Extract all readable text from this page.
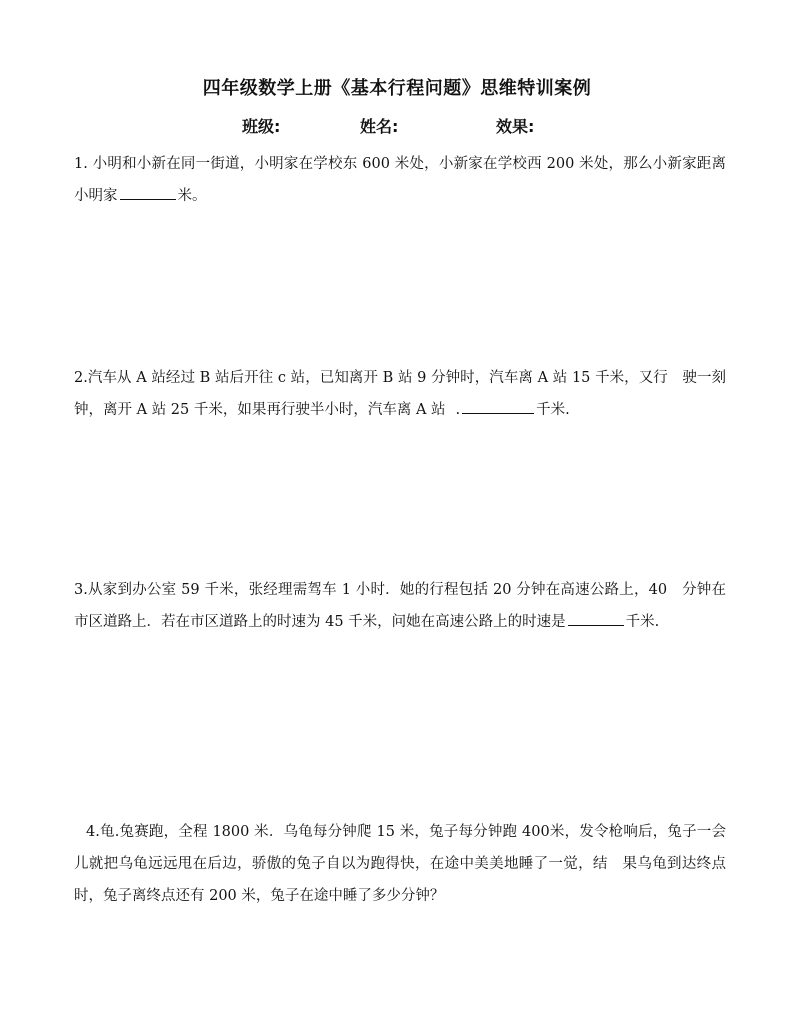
四年级数学上册《基本行程问题》思维特训案例
班级:	姓名:	效果:

1. 小明和小新在同一街道，小明家在学校东 600 米处，小新家在学校西 200 米处，那么小新家距离小明家	米。

2.汽车从 A 站经过 B 站后开往 c 站，已知离开 B 站 9 分钟时，汽车离 A 站 15 千米，又行　驶一刻钟，离开 A 站 25 千米，如果再行驶半小时，汽车离 A 站 .	千米.

3.从家到办公室 59 千米，张经理需驾车 1 小时．她的行程包括 20 分钟在高速公路上，40　分钟在市区道路上．若在市区道路上的时速为 45 千米，问她在高速公路上的时速是	千米.

4.龟.兔赛跑，全程 1800 米．乌龟每分钟爬 15 米，兔子每分钟跑 400米，发令枪响后，兔子一会儿就把乌龟远远甩在后边，骄傲的兔子自以为跑得快，在途中美美地睡了一觉，结　果乌龟到达终点时，兔子离终点还有 200 米，兔子在途中睡了多少分钟？
